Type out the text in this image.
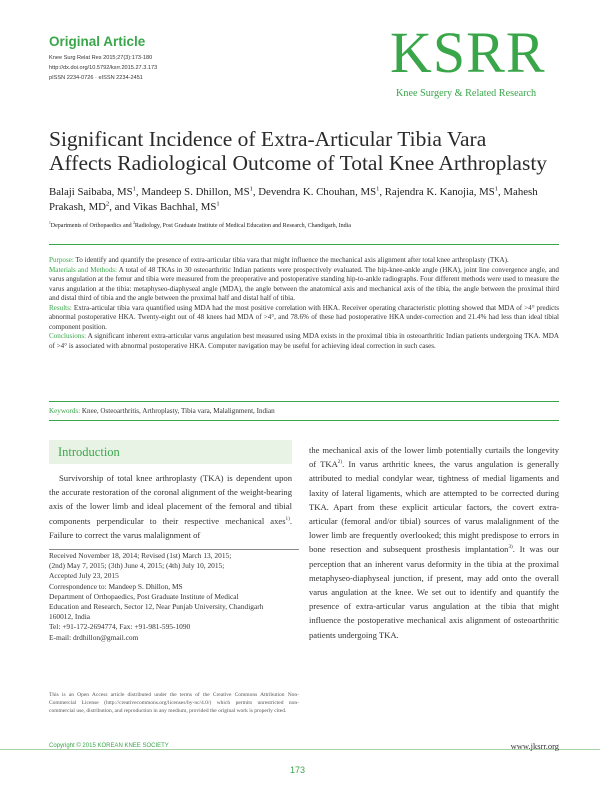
Original Article
Knee Surg Relat Res 2015;27(3):173-180
http://dx.doi.org/10.5792/ksrr.2015.27.3.173
pISSN 2234-0726 · eISSN 2234-2451	KSRR
Knee Surgery & Related Research
Significant Incidence of Extra-Articular Tibia Vara
Affects Radiological Outcome of Total Knee Arthroplasty
Balaji Saibaba, $MS^1$, Mandeep S. Dhillon, $MS^1$, Devendra K. Chouhan, $MS^1$, Rajendra K. Kanojia, $MS^1$, Mahesh
Prakash, $MD^2$, and Vikas Bachhal, $MS^1$
$^1$Departments of Orthopaedics and $^2$Radiology, Post Graduate Institute of Medical Education and Research, Chandigarh, India

Purpose: To identify and quantify the presence of extra-articular tibia vara that might influence the mechanical axis alignment after total knee arthroplasty (TKA).

Materials and Methods: A total of 48 TKAs in 30 osteoarthritic Indian patients were prospectively evaluated. The hip-knee-ankle angle (HKA), joint line convergence angle, and varus angulation at the femur and tibia were measured from the preoperative and postoperative standing hip-to-ankle radiographs. Four different methods were used to measure the varus angulation at the tibia: metaphyseo-diaphyseal angle (MDA), the angle between the anatomical axis and mechanical axis of the tibia, the angle between the proximal third and distal third of tibia and the angle between the proximal half and distal half of tibia.

Results: Extra-articular tibia vara quantified using MDA had the most positive correlation with HKA. Receiver operating characteristic plotting showed that MDA of >4° predicts abnormal postoperative HKA. Twenty-eight out of 48 knees had MDA of >4°, and 78.6% of these had postoperative HKA under-correction and 21.4% had less than ideal tibial component position.

Conclusions: A significant inherent extra-articular varus angulation best measured using MDA exists in the proximal tibia in osteoarthritic Indian patients undergoing TKA. MDA of >4° is associated with abnormal postoperative HKA. Computer navigation may be useful for achieving ideal correction in such cases.

Keywords: Knee, Osteoarthritis, Arthroplasty, Tibia vara, Malalignment, Indian
Introduction

Survivorship of total knee arthroplasty (TKA) is dependent upon the accurate restoration of the coronal alignment of the weight-bearing axis of the lower limb and ideal placement of the femoral and tibial components perpendicular to their respective mechanical axes$^{1)}$. Failure to correct the varus malalignment of

the mechanical axis of the lower limb potentially curtails the longevity of TKA$^{2)}$. In varus arthritic knees, the varus angulation is generally attributed to medial condylar wear, tightness of medial ligaments and laxity of lateral ligaments, which are attempted to be corrected during TKA. Apart from these explicit articular factors, the covert extra-articular (femoral and/or tibial) sources of varus malalignment of the lower limb are frequently overlooked; this might predispose to errors in bone resection and subsequent prosthesis implantation$^{3)}$. It was our perception that an inherent varus deformity in the tibia at the proximal metaphyseo-diaphyseal junction, if present, may add onto the overall varus angulation at the knee. We set out to identify and quantify the presence of extra-articular varus angulation at the tibia that might influence the postoperative mechanical axis alignment of osteoarthritic patients undergoing TKA.

Received November 18, 2014; Revised (1st) March 13, 2015;
(2nd) May 7, 2015; (3th) June 4, 2015; (4th) July 10, 2015;
Accepted July 23, 2015
Correspondence to: Mandeep S. Dhillon, MS
Department of Orthopaedics, Post Graduate Institute of Medical
Education and Research, Sector 12, Near Punjab University, Chandigarh
160012, India
Tel: +91-172-2694774, Fax: +91-981-595-1090
E-mail: drdhillon@gmail.com
This is an Open Access article distributed under the terms of the Creative Commons Attribution Non-Commercial License (http://creativecommons.org/licenses/by-nc/4.0/) which permits unrestricted non-commercial use, distribution, and reproduction in any medium, provided the original work is properly cited.
Copyright © 2015 KOREAN KNEE SOCIETY	www.jksrr.org
173
